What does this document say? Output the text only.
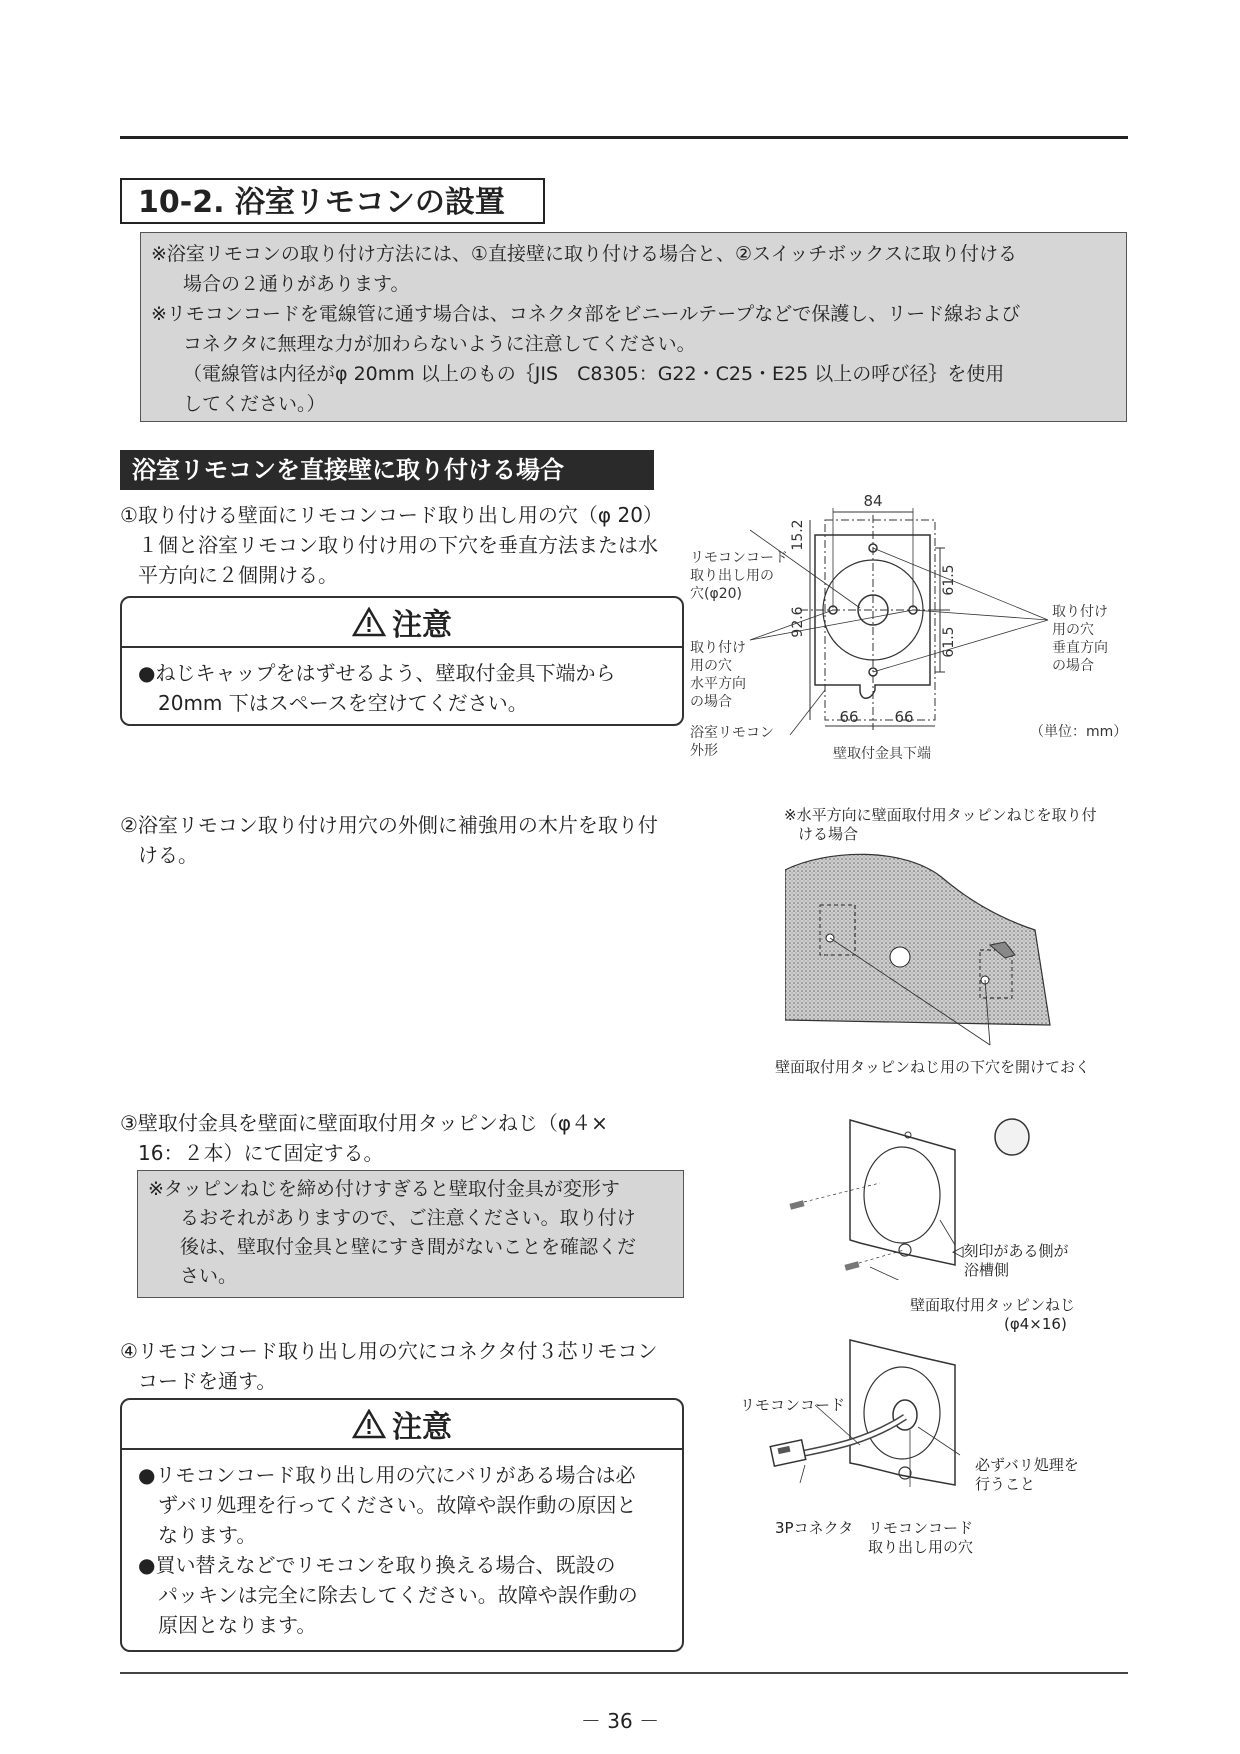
10-2. 浴室リモコンの設置

※浴室リモコンの取り付け方法には、①直接壁に取り付ける場合と、②スイッチボックスに取り付ける

場合の２通りがあります。

※リモコンコードを電線管に通す場合は、コネクタ部をビニールテープなどで保護し、リード線および

コネクタに無理な力が加わらないように注意してください。

（電線管は内径がφ 20mm 以上のもの｛JIS　C8305：G22・C25・E25 以上の呼び径｝を使用

してください。）

浴室リモコンを直接壁に取り付ける場合
①取り付ける壁面にリモコンコード取り出し用の穴（φ 20）
１個と浴室リモコン取り付け用の下穴を垂直方法または水
平方向に２個開ける。
注意

●ねじキャップをはずせるよう、壁取付金具下端から

20mm 下はスペースを空けてください。

84
15.2
92.6
61.5
61.5
66 66
リモコンコード
取り出し用の
穴(φ20)
取り付け
用の穴
水平方向
の場合
取り付け
用の穴
垂直方向
の場合
浴室リモコン
外形	壁取付金具下端
（単位：mm）
②浴室リモコン取り付け用穴の外側に補強用の木片を取り付
ける。
※水平方向に壁面取付用タッピンねじを取り付
ける場合
壁面取付用タッピンねじ用の下穴を開けておく
③壁取付金具を壁面に壁面取付用タッピンねじ（φ４×
16：２本）にて固定する。

※タッピンねじを締め付けすぎると壁取付金具が変形す

るおそれがありますので、ご注意ください。取り付け

後は、壁取付金具と壁にすき間がないことを確認くだ

さい。

◁刻印がある側が
浴槽側
壁面取付用タッピンねじ
(φ4×16)
④リモコンコード取り出し用の穴にコネクタ付３芯リモコン
コードを通す。
注意

●リモコンコード取り出し用の穴にバリがある場合は必

ずバリ処理を行ってください。故障や誤作動の原因と

なります。

●買い替えなどでリモコンを取り換える場合、既設の

パッキンは完全に除去してください。故障や誤作動の

原因となります。

リモコンコード
必ずバリ処理を
行うこと
3Pコネクタ リモコンコード
取り出し用の穴
－ 36 －
